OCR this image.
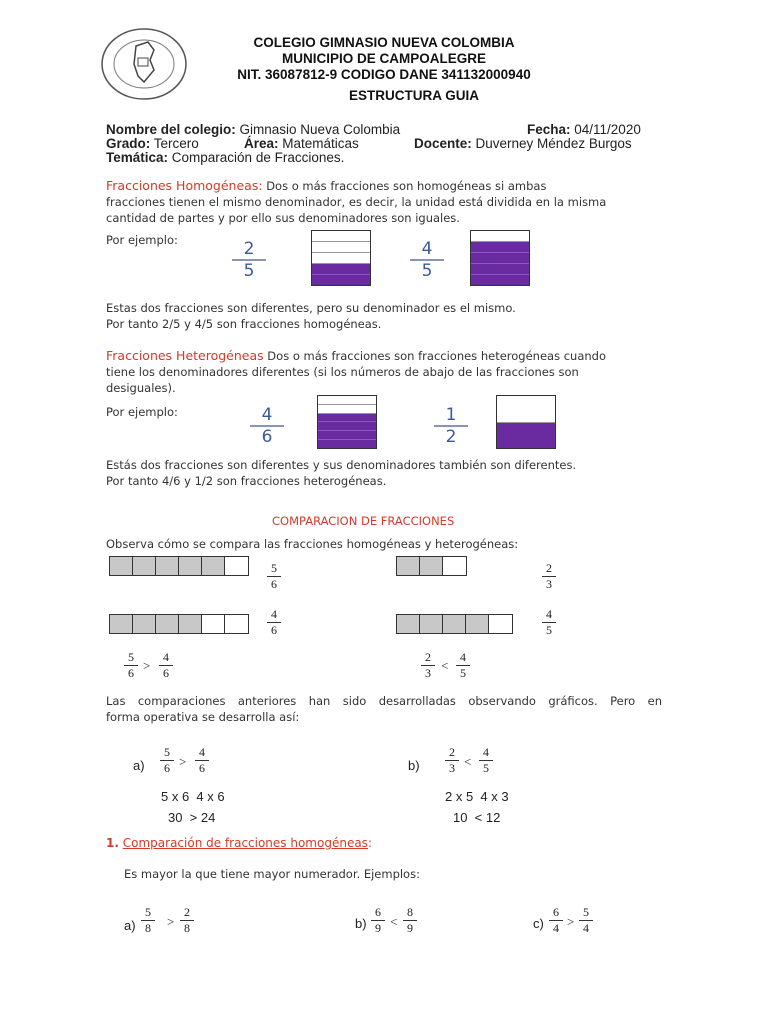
COLEGIO GIMNASIO NUEVA COLOMBIA
MUNICIPIO DE CAMPOALEGRE
NIT. 36087812-9 CODIGO DANE 341132000940
ESTRUCTURA GUIA
Nombre del colegio: Gimnasio Nueva Colombia	Fecha: 04/11/2020
Grado: Tercero	Área: Matemáticas	Docente: Duverney Méndez Burgos
Temática: Comparación de Fracciones.
Fracciones Homogéneas: Dos o más fracciones son homogéneas si ambas
fracciones tienen el mismo denominador, es decir, la unidad está dividida en la misma
cantidad de partes y por ello sus denominadores son iguales.
Por ejemplo:	2
5
4
5
Estas dos fracciones son diferentes, pero su denominador es el mismo.
Por tanto 2/5 y 4/5 son fracciones homogéneas.
Fracciones Heterogéneas Dos o más fracciones son fracciones heterogéneas cuando
tiene los denominadores diferentes (si los números de abajo de las fracciones son
desiguales).
Por ejemplo:	4
6
1
2
Estás dos fracciones son diferentes y sus denominadores también son diferentes.
Por tanto 4/6 y 1/2 son fracciones heterogéneas.
COMPARACION DE FRACCIONES
Observa cómo se compara las fracciones homogéneas y heterogéneas:
5
6
2
3
4
6
4
5
5
6 >
4
6
2
3 <
4
5
Las comparaciones anteriores han sido desarrolladas observando gráficos. Pero en
forma operativa se desarrolla así:
a)
5
6 >
4
6
5 x 6  4 x 6
30  > 24
b)
2
3 <
4
5
2 x 5  4 x 3
10  < 12
1. Comparación de fracciones homogéneas:
Es mayor la que tiene mayor numerador. Ejemplos:
a)
5
8	>
2
8	b)
6
9 <
8
9	c)
6
4 >
5
4
